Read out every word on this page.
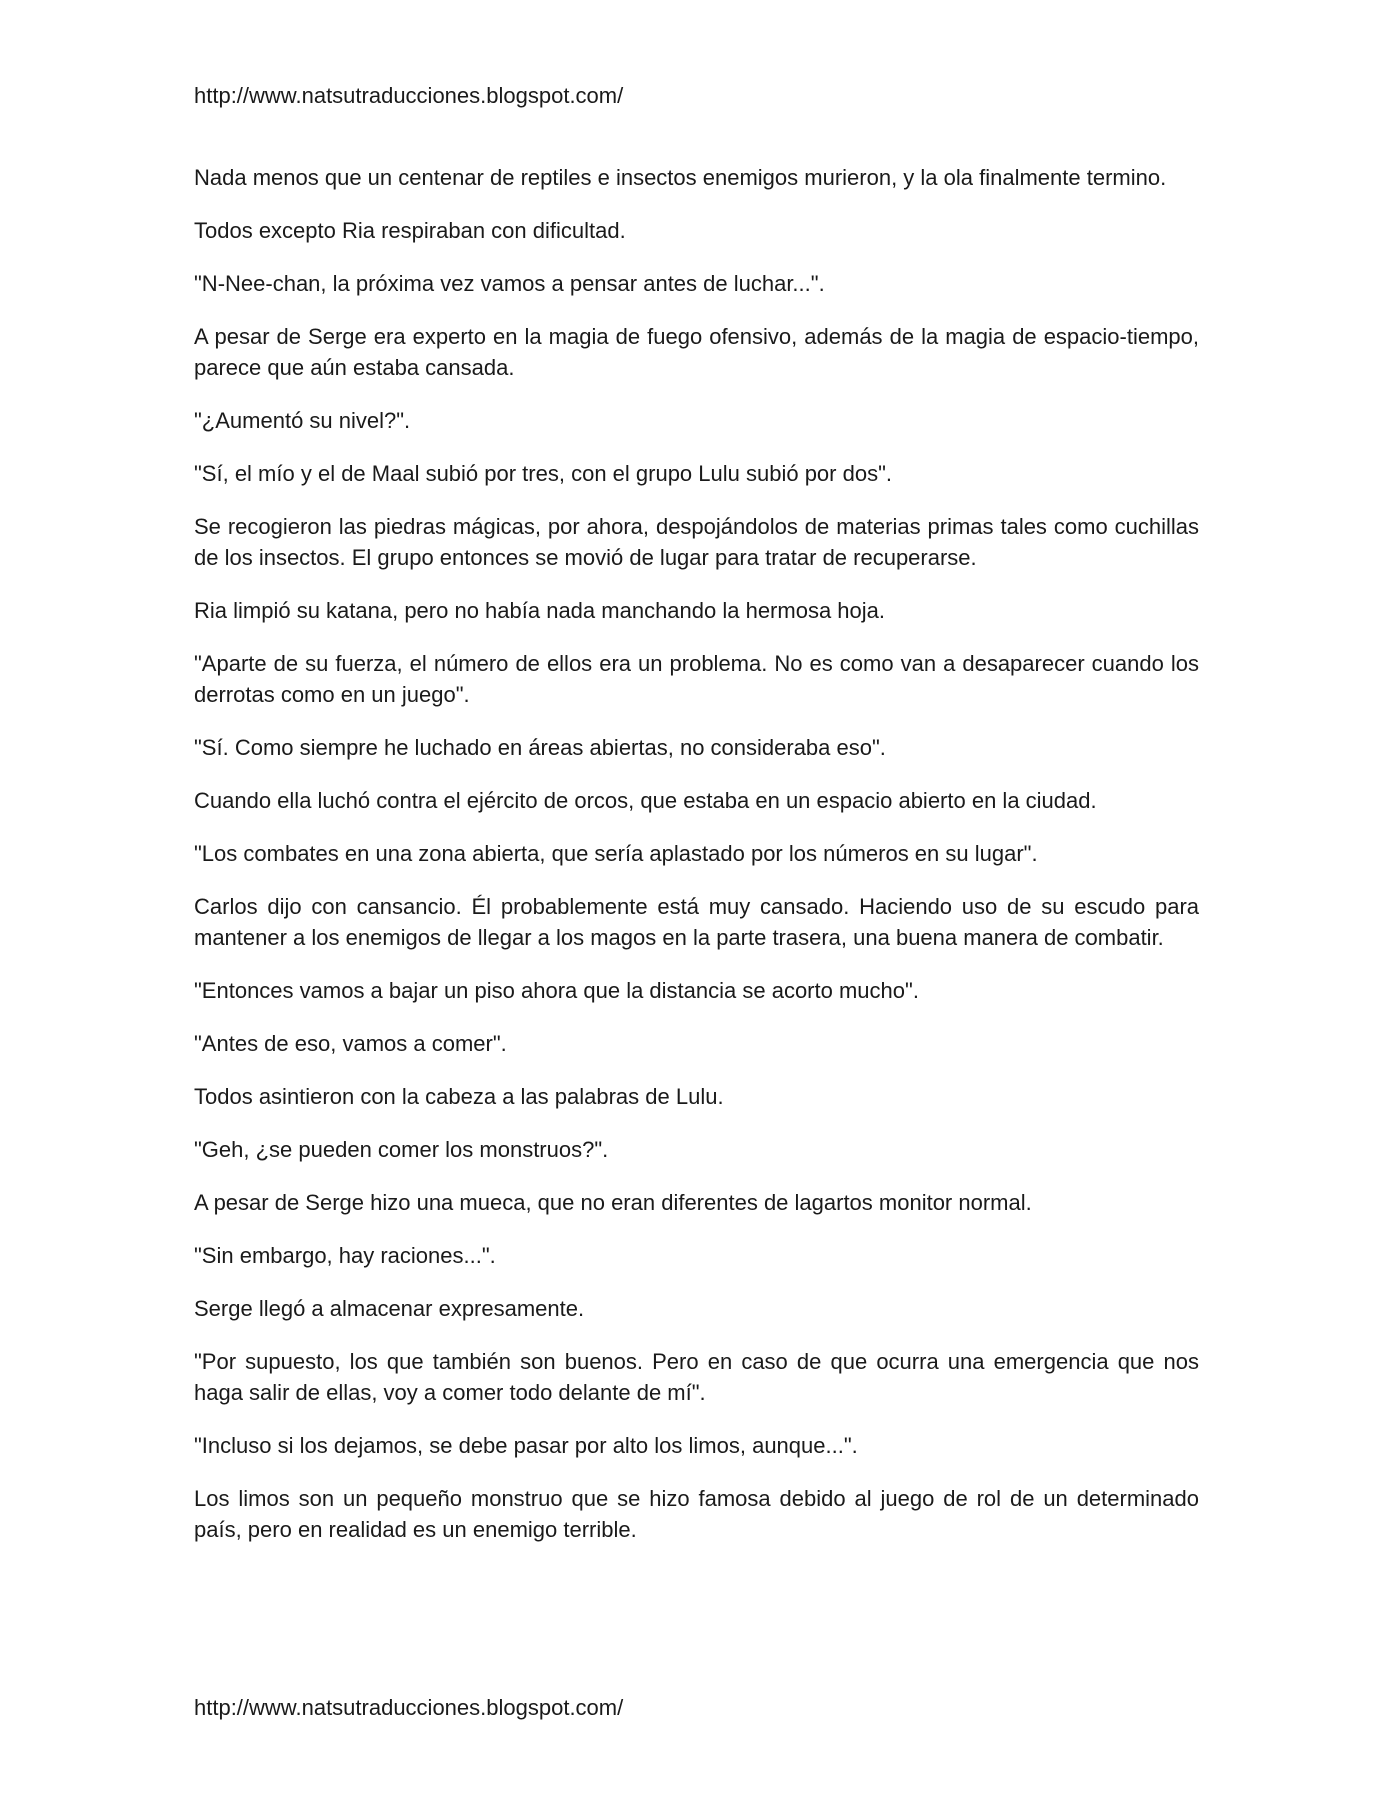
http://www.natsutraducciones.blogspot.com/

Nada menos que un centenar de reptiles e insectos enemigos murieron, y la ola finalmente termino.

Todos excepto Ria respiraban con dificultad.

"N-Nee-chan, la próxima vez vamos a pensar antes de luchar...".

A pesar de Serge era experto en la magia de fuego ofensivo, además de la magia de espacio-tiempo, parece que aún estaba cansada.

"¿Aumentó su nivel?".

"Sí, el mío y el de Maal subió por tres, con el grupo Lulu subió por dos".

Se recogieron las piedras mágicas, por ahora, despojándolos de materias primas tales como cuchillas de los insectos. El grupo entonces se movió de lugar para tratar de recuperarse.

Ria limpió su katana, pero no había nada manchando la hermosa hoja.

"Aparte de su fuerza, el número de ellos era un problema. No es como van a desaparecer cuando los derrotas como en un juego".

"Sí. Como siempre he luchado en áreas abiertas, no consideraba eso".

Cuando ella luchó contra el ejército de orcos, que estaba en un espacio abierto en la ciudad.

"Los combates en una zona abierta, que sería aplastado por los números en su lugar".

Carlos dijo con cansancio. Él probablemente está muy cansado. Haciendo uso de su escudo para mantener a los enemigos de llegar a los magos en la parte trasera, una buena manera de combatir.

"Entonces vamos a bajar un piso ahora que la distancia se acorto mucho".

"Antes de eso, vamos a comer".

Todos asintieron con la cabeza a las palabras de Lulu.

"Geh, ¿se pueden comer los monstruos?".

A pesar de Serge hizo una mueca, que no eran diferentes de lagartos monitor normal.

"Sin embargo, hay raciones...".

Serge llegó a almacenar expresamente.

"Por supuesto, los que también son buenos. Pero en caso de que ocurra una emergencia que nos haga salir de ellas, voy a comer todo delante de mí".

"Incluso si los dejamos, se debe pasar por alto los limos, aunque...".

Los limos son un pequeño monstruo que se hizo famosa debido al juego de rol de un determinado país, pero en realidad es un enemigo terrible.

http://www.natsutraducciones.blogspot.com/
